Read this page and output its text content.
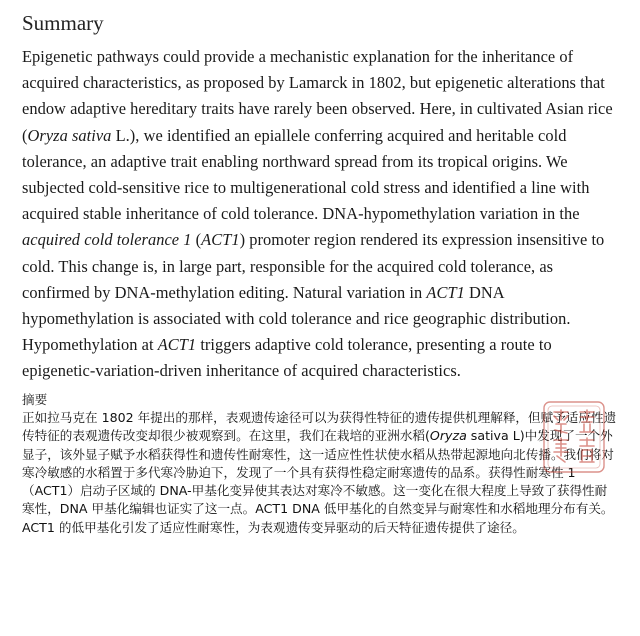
Summary

Epigenetic pathways could provide a mechanistic explanation for the inheritance of acquired characteristics, as proposed by Lamarck in 1802, but epigenetic alterations that endow adaptive hereditary traits have rarely been observed. Here, in cultivated Asian rice (Oryza sativa L.), we identified an epiallele conferring acquired and heritable cold tolerance, an adaptive trait enabling northward spread from its tropical origins. We subjected cold-sensitive rice to multigenerational cold stress and identified a line with acquired stable inheritance of cold tolerance. DNA-hypomethylation variation in the acquired cold tolerance 1 (ACT1) promoter region rendered its expression insensitive to cold. This change is, in large part, responsible for the acquired cold tolerance, as confirmed by DNA-methylation editing. Natural variation in ACT1 DNA hypomethylation is associated with cold tolerance and rice geographic distribution. Hypomethylation at ACT1 triggers adaptive cold tolerance, presenting a route to epigenetic-variation-driven inheritance of acquired characteristics.

摘要

正如拉马克在 1802 年提出的那样，表观遗传途径可以为获得性特征的遗传提供机理解释，但赋予适应性遗传特征的表观遗传改变却很少被观察到。在这里，我们在栽培的亚洲水稻(Oryza sativa L)中发现了一个外显子，该外显子赋予水稻获得性和遗传性耐寒性，这一适应性性状使水稻从热带起源地向北传播。我们将对寒冷敏感的水稻置于多代寒冷胁迫下，发现了一个具有获得性稳定耐寒遗传的品系。获得性耐寒性 1（ACT1）启动子区域的 DNA-甲基化变异使其表达对寒冷不敏感。这一变化在很大程度上导致了获得性耐寒性，DNA 甲基化编辑也证实了这一点。ACT1 DNA 低甲基化的自然变异与耐寒性和水稻地理分布有关。ACT1 的低甲基化引发了适应性耐寒性，为表观遗传变异驱动的后天特征遗传提供了途径。
